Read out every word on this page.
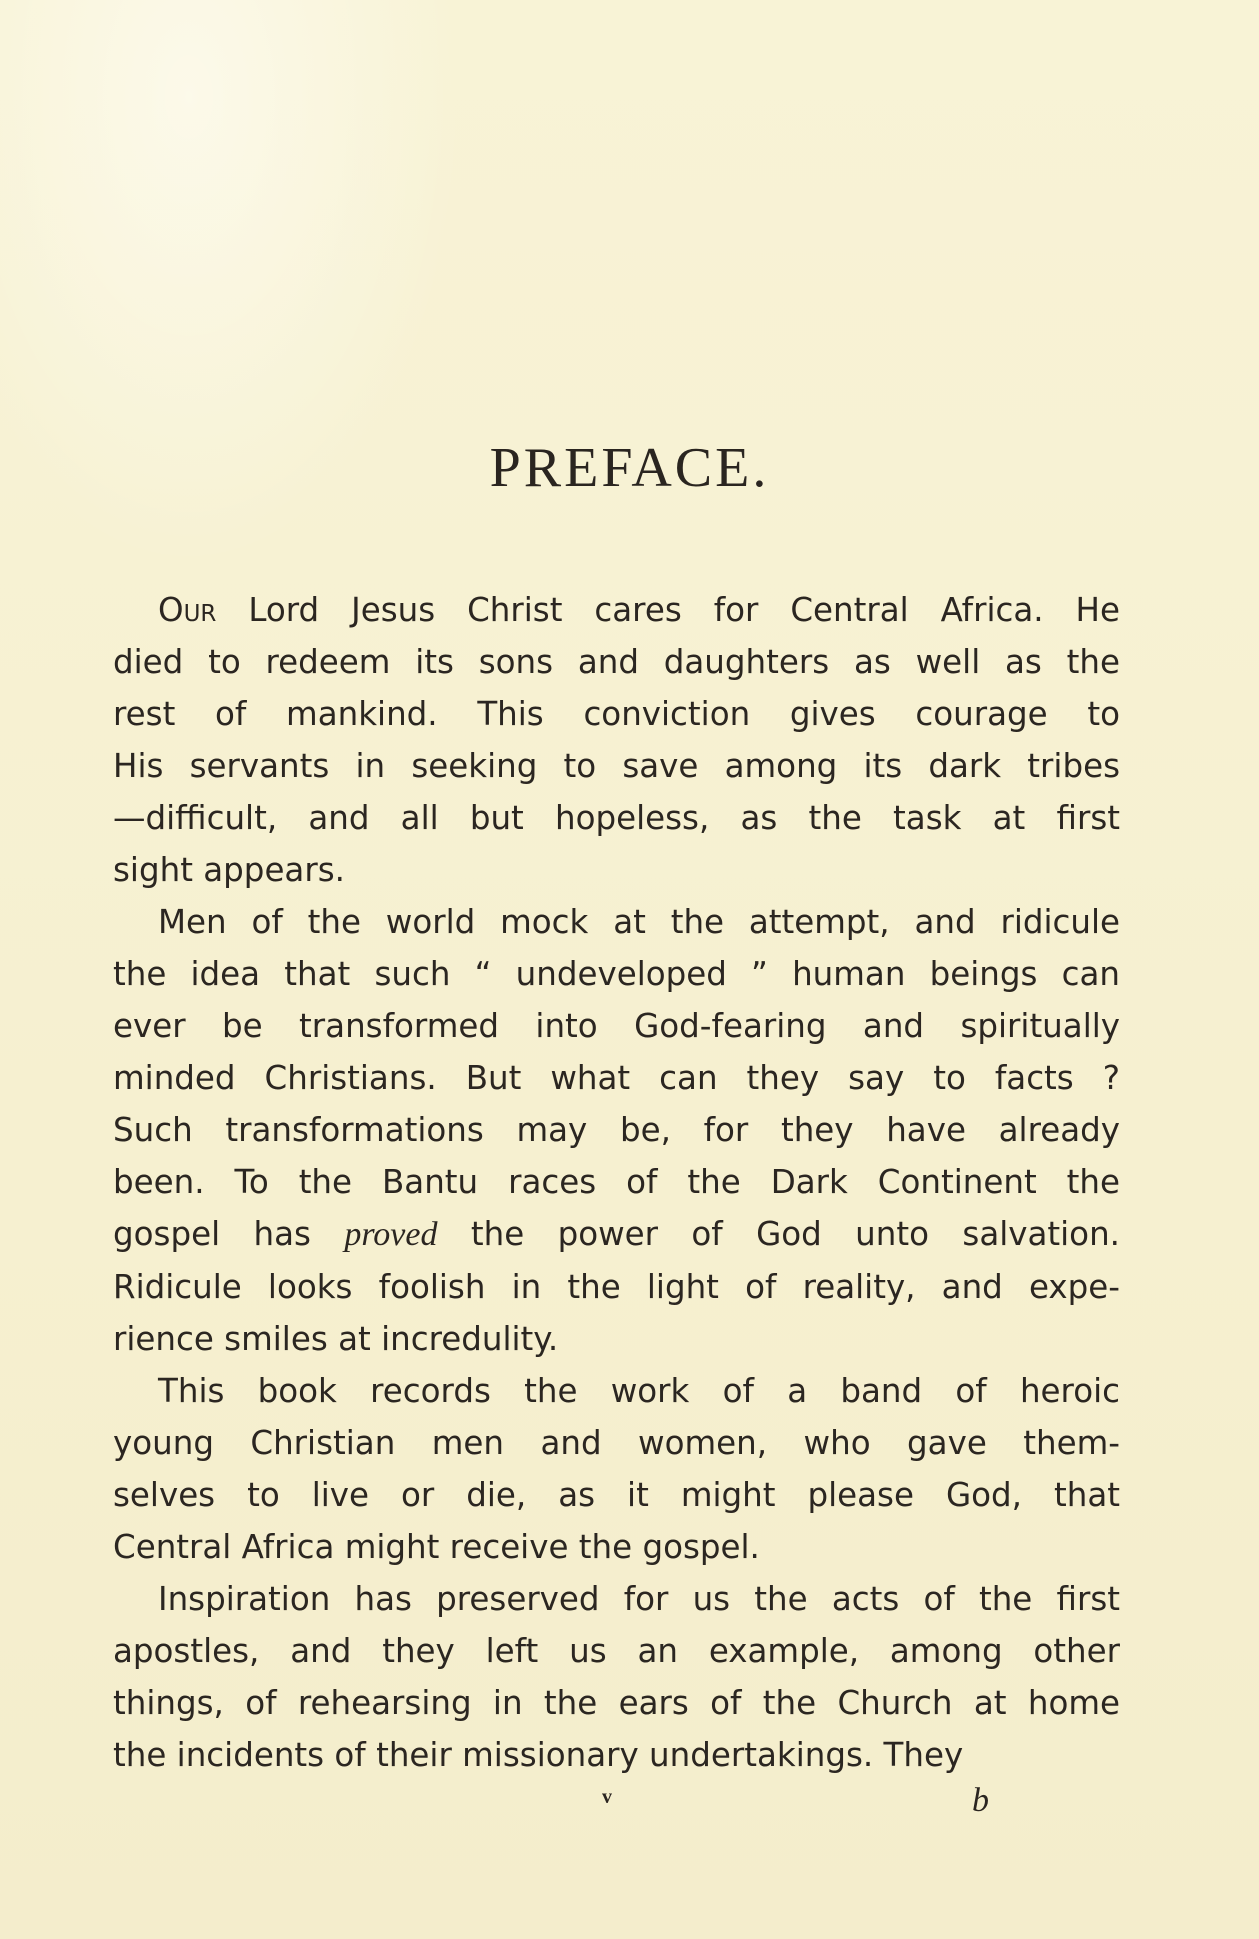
PREFACE.

Our Lord Jesus Christ cares for Central Africa. He
died to redeem its sons and daughters as well as the
rest of mankind. This conviction gives courage to
His servants in seeking to save among its dark tribes
—difficult, and all but hopeless, as the task at first
sight appears.

Men of the world mock at the attempt, and ridicule
the idea that such “ undeveloped ” human beings can
ever be transformed into God-fearing and spiritually
minded Christians. But what can they say to facts ?
Such transformations may be, for they have already
been. To the Bantu races of the Dark Continent the
gospel has proved the power of God unto salvation.
Ridicule looks foolish in the light of reality, and expe-
rience smiles at incredulity.

This book records the work of a band of heroic
young Christian men and women, who gave them-
selves to live or die, as it might please God, that
Central Africa might receive the gospel.

Inspiration has preserved for us the acts of the first
apostles, and they left us an example, among other
things, of rehearsing in the ears of the Church at home
the incidents of their missionary undertakings. They

v	b
